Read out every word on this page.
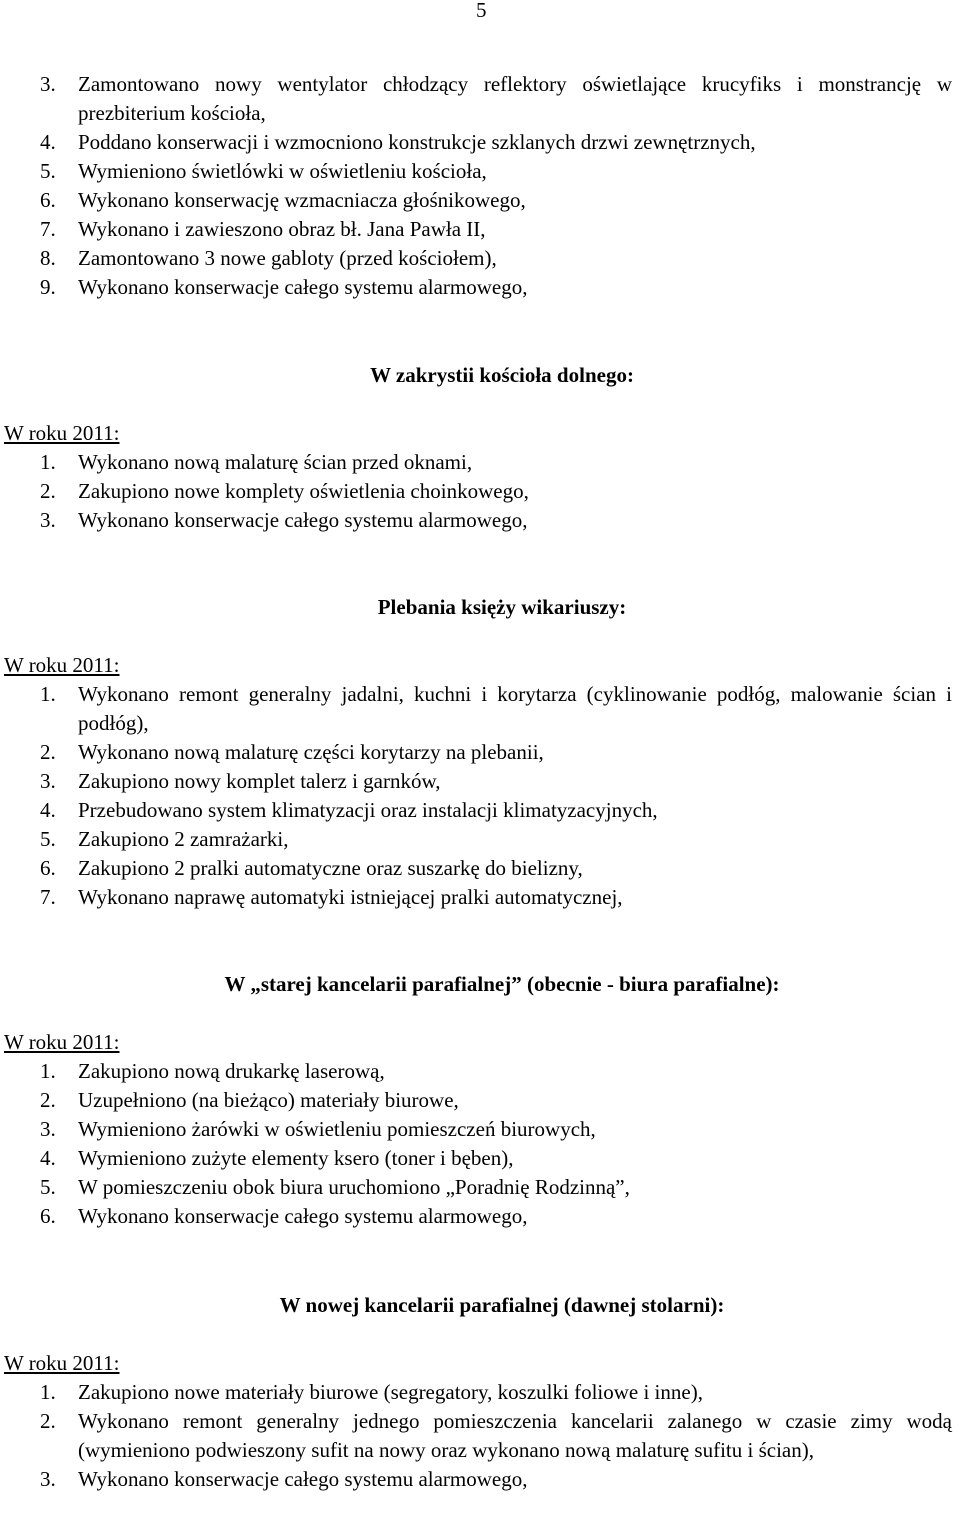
5
3. Zamontowano nowy wentylator chłodzący reflektory oświetlające krucyfiks i monstrancję w prezbiterium kościoła,
4. Poddano konserwacji i wzmocniono konstrukcje szklanych drzwi zewnętrznych,
5. Wymieniono świetlówki w oświetleniu kościoła,
6. Wykonano konserwację wzmacniacza głośnikowego,
7. Wykonano i zawieszono obraz bł. Jana Pawła II,
8. Zamontowano 3 nowe gabloty (przed kościołem),
9. Wykonano konserwacje całego systemu alarmowego,
W zakrystii kościoła dolnego:
W roku 2011:
1. Wykonano nową malaturę ścian przed oknami,
2. Zakupiono nowe komplety oświetlenia choinkowego,
3. Wykonano konserwacje całego systemu alarmowego,
Plebania księży wikariuszy:
W roku 2011:
1. Wykonano remont generalny jadalni, kuchni i korytarza (cyklinowanie podłóg, malowanie ścian i podłóg),
2. Wykonano nową malaturę części korytarzy na plebanii,
3. Zakupiono nowy komplet talerz i garnków,
4. Przebudowano system klimatyzacji oraz instalacji klimatyzacyjnych,
5. Zakupiono 2 zamrażarki,
6. Zakupiono 2 pralki automatyczne oraz suszarkę do bielizny,
7. Wykonano naprawę automatyki istniejącej pralki automatycznej,
W „starej kancelarii parafialnej” (obecnie - biura parafialne):
W roku 2011:
1. Zakupiono nową drukarkę laserową,
2. Uzupełniono (na bieżąco) materiały biurowe,
3. Wymieniono żarówki w oświetleniu pomieszczeń biurowych,
4. Wymieniono zużyte elementy ksero (toner i bęben),
5. W pomieszczeniu obok biura uruchomiono „Poradnię Rodzinną”,
6. Wykonano konserwacje całego systemu alarmowego,
W nowej kancelarii parafialnej (dawnej stolarni):
W roku 2011:
1. Zakupiono nowe materiały biurowe (segregatory, koszulki foliowe i inne),
2. Wykonano remont generalny jednego pomieszczenia kancelarii zalanego w czasie zimy wodą (wymieniono podwieszony sufit na nowy oraz wykonano nową malaturę sufitu i ścian),
3. Wykonano konserwacje całego systemu alarmowego,
